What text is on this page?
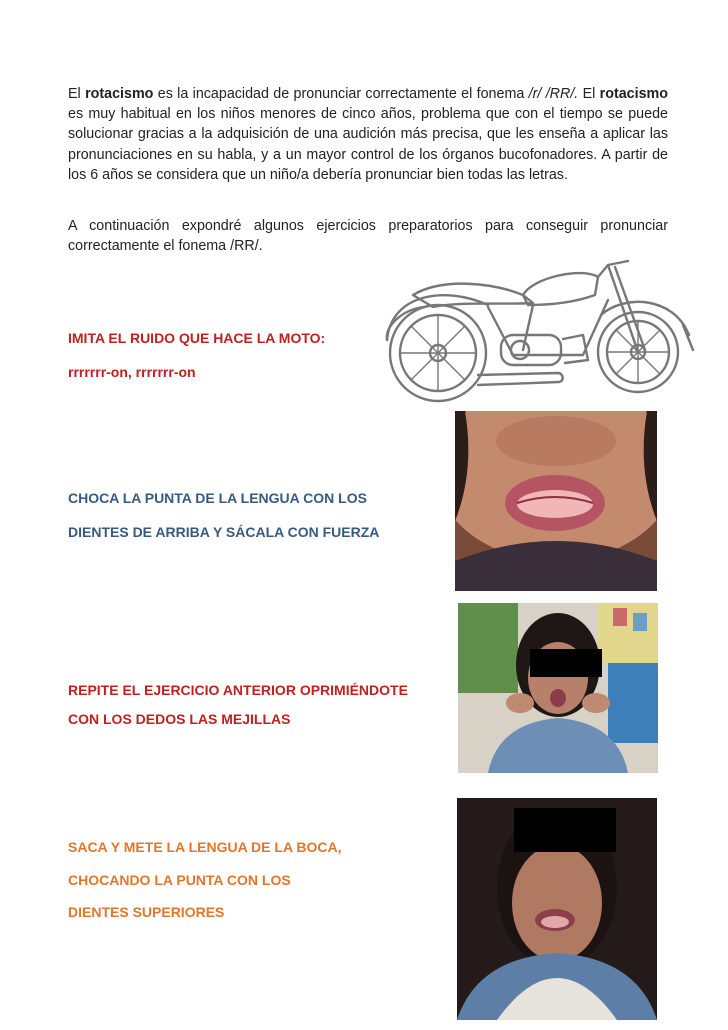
El rotacismo es la incapacidad de pronunciar correctamente el fonema /r/ /RR/. El rotacismo es muy habitual en los niños menores de cinco años, problema que con el tiempo se puede solucionar gracias a la adquisición de una audición más precisa, que les enseña a aplicar las pronunciaciones en su habla, y a un mayor control de los órganos bucofonadores. A partir de los 6 años se considera que un niño/a debería pronunciar bien todas las letras.

A continuación expondré algunos ejercicios preparatorios para conseguir pronunciar correctamente el fonema /RR/.

IMITA EL RUIDO QUE HACE LA MOTO:

rrrrrrr-on, rrrrrrr-on

CHOCA LA PUNTA DE LA LENGUA CON LOS

DIENTES DE ARRIBA Y SÁCALA CON FUERZA

REPITE EL EJERCICIO ANTERIOR OPRIMIÉNDOTE

CON LOS DEDOS LAS MEJILLAS

SACA Y METE LA LENGUA DE LA BOCA,

CHOCANDO LA PUNTA CON LOS

DIENTES SUPERIORES
